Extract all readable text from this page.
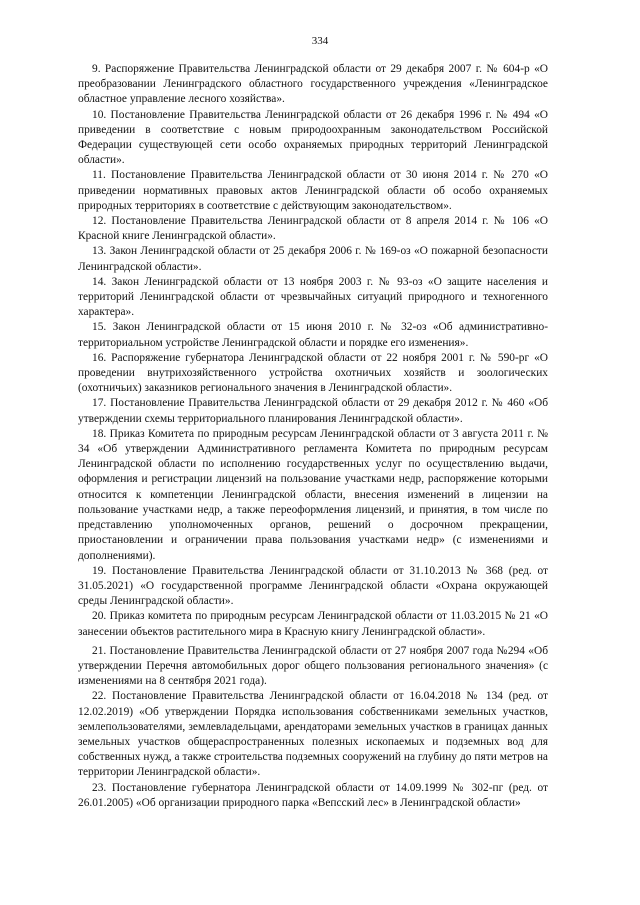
334

9. Распоряжение Правительства Ленинградской области от 29 декабря 2007 г. № 604-р «О преобразовании Ленинградского областного государственного учреждения «Ленинградское областное управление лесного хозяйства».

10. Постановление Правительства Ленинградской области от 26 декабря 1996 г. № 494 «О приведении в соответствие с новым природоохранным законодательством Российской Федерации существующей сети особо охраняемых природных территорий Ленинградской области».

11. Постановление Правительства Ленинградской области от 30 июня 2014 г. № 270 «О приведении нормативных правовых актов Ленинградской области об особо охраняемых природных территориях в соответствие с действующим законодательством».

12. Постановление Правительства Ленинградской области от 8 апреля 2014 г. № 106 «О Красной книге Ленинградской области».

13. Закон Ленинградской области от 25 декабря 2006 г. № 169-оз «О пожарной безопасности Ленинградской области».

14. Закон Ленинградской области от 13 ноября 2003 г. № 93-оз «О защите населения и территорий Ленинградской области от чрезвычайных ситуаций природного и техногенного характера».

15. Закон Ленинградской области от 15 июня 2010 г. № 32-оз «Об административно-территориальном устройстве Ленинградской области и порядке его изменения».

16. Распоряжение губернатора Ленинградской области от 22 ноября 2001 г. № 590-рг «О проведении внутрихозяйственного устройства охотничьих хозяйств и зоологических (охотничьих) заказников регионального значения в Ленинградской области».

17. Постановление Правительства Ленинградской области от 29 декабря 2012 г. № 460 «Об утверждении схемы территориального планирования Ленинградской области».

18. Приказ Комитета по природным ресурсам Ленинградской области от 3 августа 2011 г. № 34 «Об утверждении Административного регламента Комитета по природным ресурсам Ленинградской области по исполнению государственных услуг по осуществлению выдачи, оформления и регистрации лицензий на пользование участками недр, распоряжение которыми относится к компетенции Ленинградской области, внесения изменений в лицензии на пользование участками недр, а также переоформления лицензий, и принятия, в том числе по представлению уполномоченных органов, решений о досрочном прекращении, приостановлении и ограничении права пользования участками недр» (с изменениями и дополнениями).

19. Постановление Правительства Ленинградской области от 31.10.2013 № 368 (ред. от 31.05.2021) «О государственной программе Ленинградской области «Охрана окружающей среды Ленинградской области».

20. Приказ комитета по природным ресурсам Ленинградской области от 11.03.2015 № 21 «О занесении объектов растительного мира в Красную книгу Ленинградской области».

21. Постановление Правительства Ленинградской области от 27 ноября 2007 года №294 «Об утверждении Перечня автомобильных дорог общего пользования регионального значения» (с изменениями на 8 сентября 2021 года).

22. Постановление Правительства Ленинградской области от 16.04.2018 № 134 (ред. от 12.02.2019) «Об утверждении Порядка использования собственниками земельных участков, землепользователями, землевладельцами, арендаторами земельных участков в границах данных земельных участков общераспространенных полезных ископаемых и подземных вод для собственных нужд, а также строительства подземных сооружений на глубину до пяти метров на территории Ленинградской области».

23. Постановление губернатора Ленинградской области от 14.09.1999 № 302-пг (ред. от 26.01.2005) «Об организации природного парка «Вепсский лес» в Ленинградской области»
